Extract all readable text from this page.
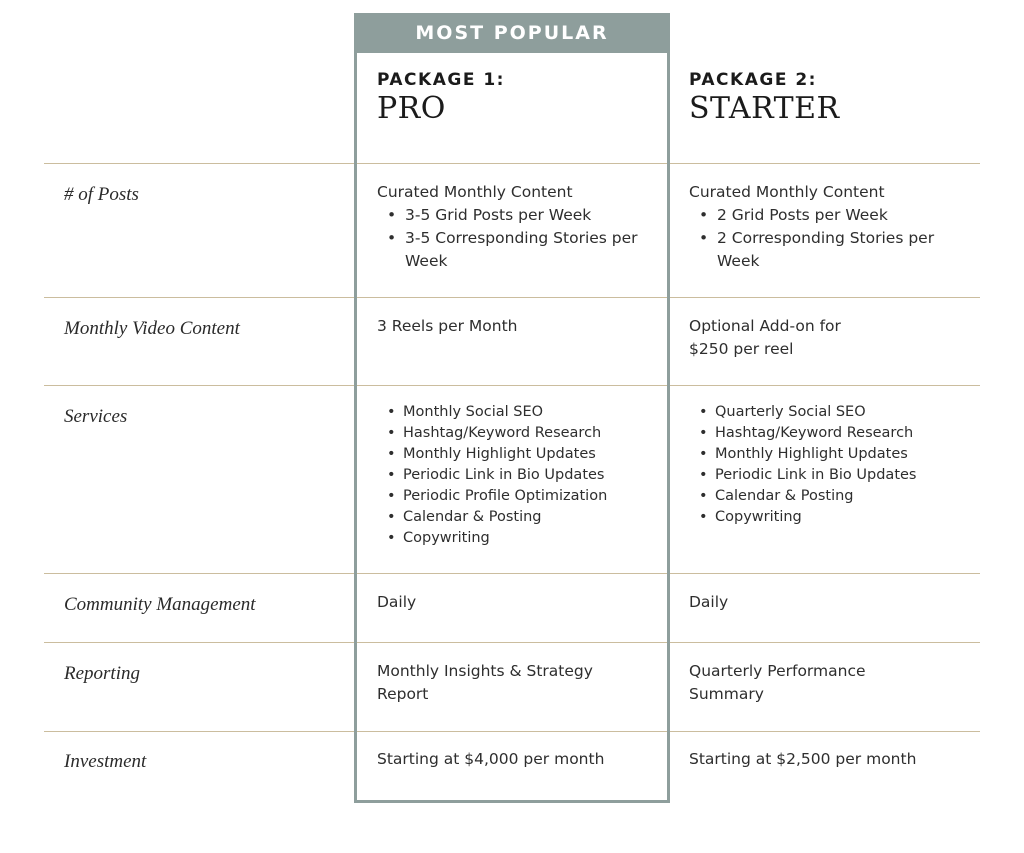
MOST POPULAR
PACKAGE 1:
PRO
PACKAGE 2:
STARTER
# of Posts	Curated Monthly Content
• 3-5 Grid Posts per Week
• 3-5 Corresponding Stories per Week
Curated Monthly Content
• 2 Grid Posts per Week
• 2 Corresponding Stories per Week
Monthly Video Content	3 Reels per Month	Optional Add-on for $250 per reel
Services
•	Monthly Social SEO
• Hashtag/Keyword Research
• Monthly Highlight Updates
• Periodic Link in Bio Updates
• Periodic Profile Optimization
• Calendar & Posting
• Copywriting
• Quarterly Social SEO
• Hashtag/Keyword Research
• Monthly Highlight Updates
• Periodic Link in Bio Updates
• Calendar & Posting
• Copywriting
Community Management	Daily	Daily
Reporting	Monthly Insights & Strategy Report
Quarterly Performance Summary
Investment	Starting at $4,000 per month	Starting at $2,500 per month
